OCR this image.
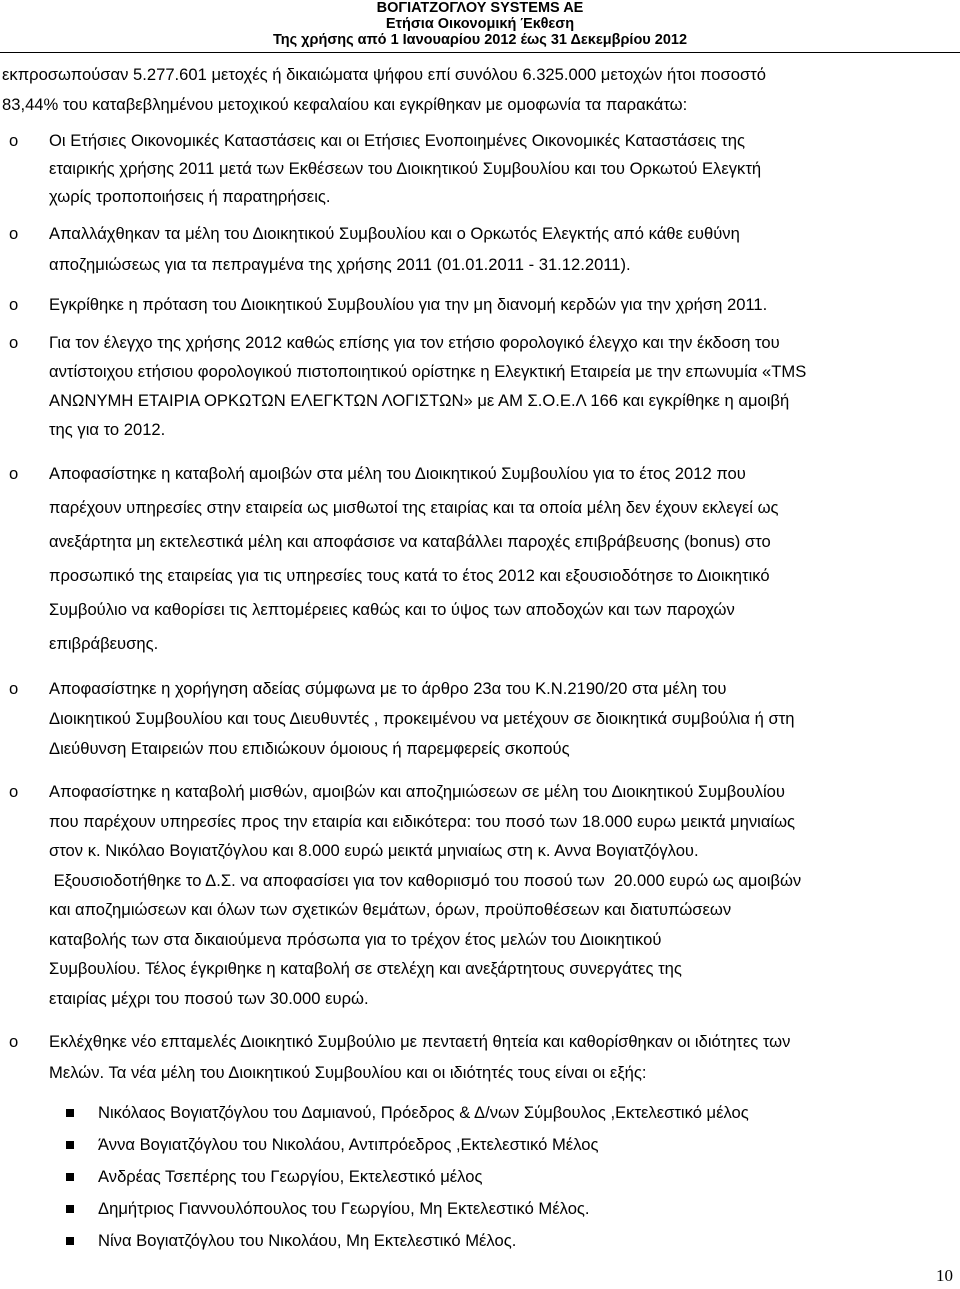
ΒΟΓΙΑΤΖΟΓΛΟΥ SYSTEMS AE
Ετήσια Οικονομική Έκθεση
Της χρήσης από 1 Ιανουαρίου 2012 έως 31 Δεκεμβρίου 2012

εκπροσωπούσαν 5.277.601 μετοχές ή δικαιώματα ψήφου επί συνόλου 6.325.000 μετοχών ήτοι ποσοστό

83,44% του καταβεβλημένου μετοχικού κεφαλαίου και εγκρίθηκαν με ομοφωνία τα παρακάτω:

o Οι Ετήσιες Οικονομικές Καταστάσεις και οι Ετήσιες Ενοποιημένες Οικονομικές Καταστάσεις της

εταιρικής χρήσης 2011 μετά των Εκθέσεων του Διοικητικού Συμβουλίου και του Ορκωτού Ελεγκτή

χωρίς τροποποιήσεις ή παρατηρήσεις.

o Απαλλάχθηκαν τα μέλη του Διοικητικού Συμβουλίου και ο Ορκωτός Ελεγκτής από κάθε ευθύνη

αποζημιώσεως για τα πεπραγμένα της χρήσης 2011 (01.01.2011 - 31.12.2011).

o Εγκρίθηκε η πρόταση του Διοικητικού Συμβουλίου για την μη διανομή κερδών για την χρήση 2011.

o Για τον έλεγχο της χρήσης 2012 καθώς επίσης για τον ετήσιο φορολογικό έλεγχο και την έκδοση του

αντίστοιχου ετήσιου φορολογικού πιστοποιητικού ορίστηκε η Ελεγκτική Εταιρεία με την επωνυμία «TMS

ΑΝΩΝΥΜΗ ΕΤΑΙΡΙΑ ΟΡΚΩΤΩΝ ΕΛΕΓΚΤΩΝ ΛΟΓΙΣΤΩΝ» με ΑΜ Σ.Ο.Ε.Λ 166 και εγκρίθηκε η αμοιβή

της για το 2012.

o Αποφασίστηκε η καταβολή αμοιβών στα μέλη του Διοικητικού Συμβουλίου για το έτος 2012 που

παρέχουν υπηρεσίες στην εταιρεία ως μισθωτοί της εταιρίας και τα οποία μέλη δεν έχουν εκλεγεί ως

ανεξάρτητα μη εκτελεστικά μέλη και αποφάσισε να καταβάλλει παροχές επιβράβευσης (bonus) στο

προσωπικό της εταιρείας για τις υπηρεσίες τους κατά το έτος 2012 και εξουσιοδότησε το Διοικητικό

Συμβούλιο να καθορίσει τις λεπτομέρειες καθώς και το ύψος των αποδοχών και των παροχών

επιβράβευσης.

o Αποφασίστηκε η χορήγηση αδείας σύμφωνα με το άρθρο 23α του Κ.Ν.2190/20 στα μέλη του

Διοικητικού Συμβουλίου και τους Διευθυντές , προκειμένου να μετέχουν σε διοικητικά συμβούλια ή στη

Διεύθυνση Εταιρειών που επιδιώκουν όμοιους ή παρεμφερείς σκοπούς

o Αποφασίστηκε η καταβολή μισθών, αμοιβών και αποζημιώσεων σε μέλη του Διοικητικού Συμβουλίου

που παρέχουν υπηρεσίες προς την εταιρία και ειδικότερα: του ποσό των 18.000 ευρω μεικτά μηνιαίως

στον κ. Νικόλαο Βογιατζόγλου και 8.000 ευρώ μεικτά μηνιαίως στη κ. Αννα Βογιατζόγλου.

Εξουσιοδοτήθηκε το Δ.Σ. να αποφασίσει για τον καθοριισμό του ποσού των  20.000 ευρώ ως αμοιβών

και αποζημιώσεων και όλων των σχετικών θεμάτων, όρων, προϋποθέσεων και διατυπώσεων

καταβολής των στα δικαιούμενα πρόσωπα για το τρέχον έτος μελών του Διοικητικού

Συμβουλίου. Τέλος έγκριθηκε η καταβολή σε στελέχη και ανεξάρτητους συνεργάτες της

εταιρίας μέχρι του ποσού των 30.000 ευρώ.

o Εκλέχθηκε νέο επταμελές Διοικητικό Συμβούλιο με πενταετή θητεία και καθορίσθηκαν οι ιδιότητες των

Μελών. Τα νέα μέλη του Διοικητικού Συμβουλίου και οι ιδιότητές τους είναι οι εξής:

Νικόλαος Βογιατζόγλου του Δαμιανού, Πρόεδρος & Δ/νων Σύμβουλος ,Εκτελεστικό μέλος
Άννα Βογιατζόγλου του Νικολάου, Αντιπρόεδρος ,Εκτελεστικό Μέλος
Ανδρέας Τσεπέρης του Γεωργίου, Εκτελεστικό μέλος
Δημήτριος Γιαννουλόπουλος του Γεωργίου, Μη Εκτελεστικό Μέλος.
Νίνα Βογιατζόγλου του Νικολάου, Μη Εκτελεστικό Μέλος.
10
